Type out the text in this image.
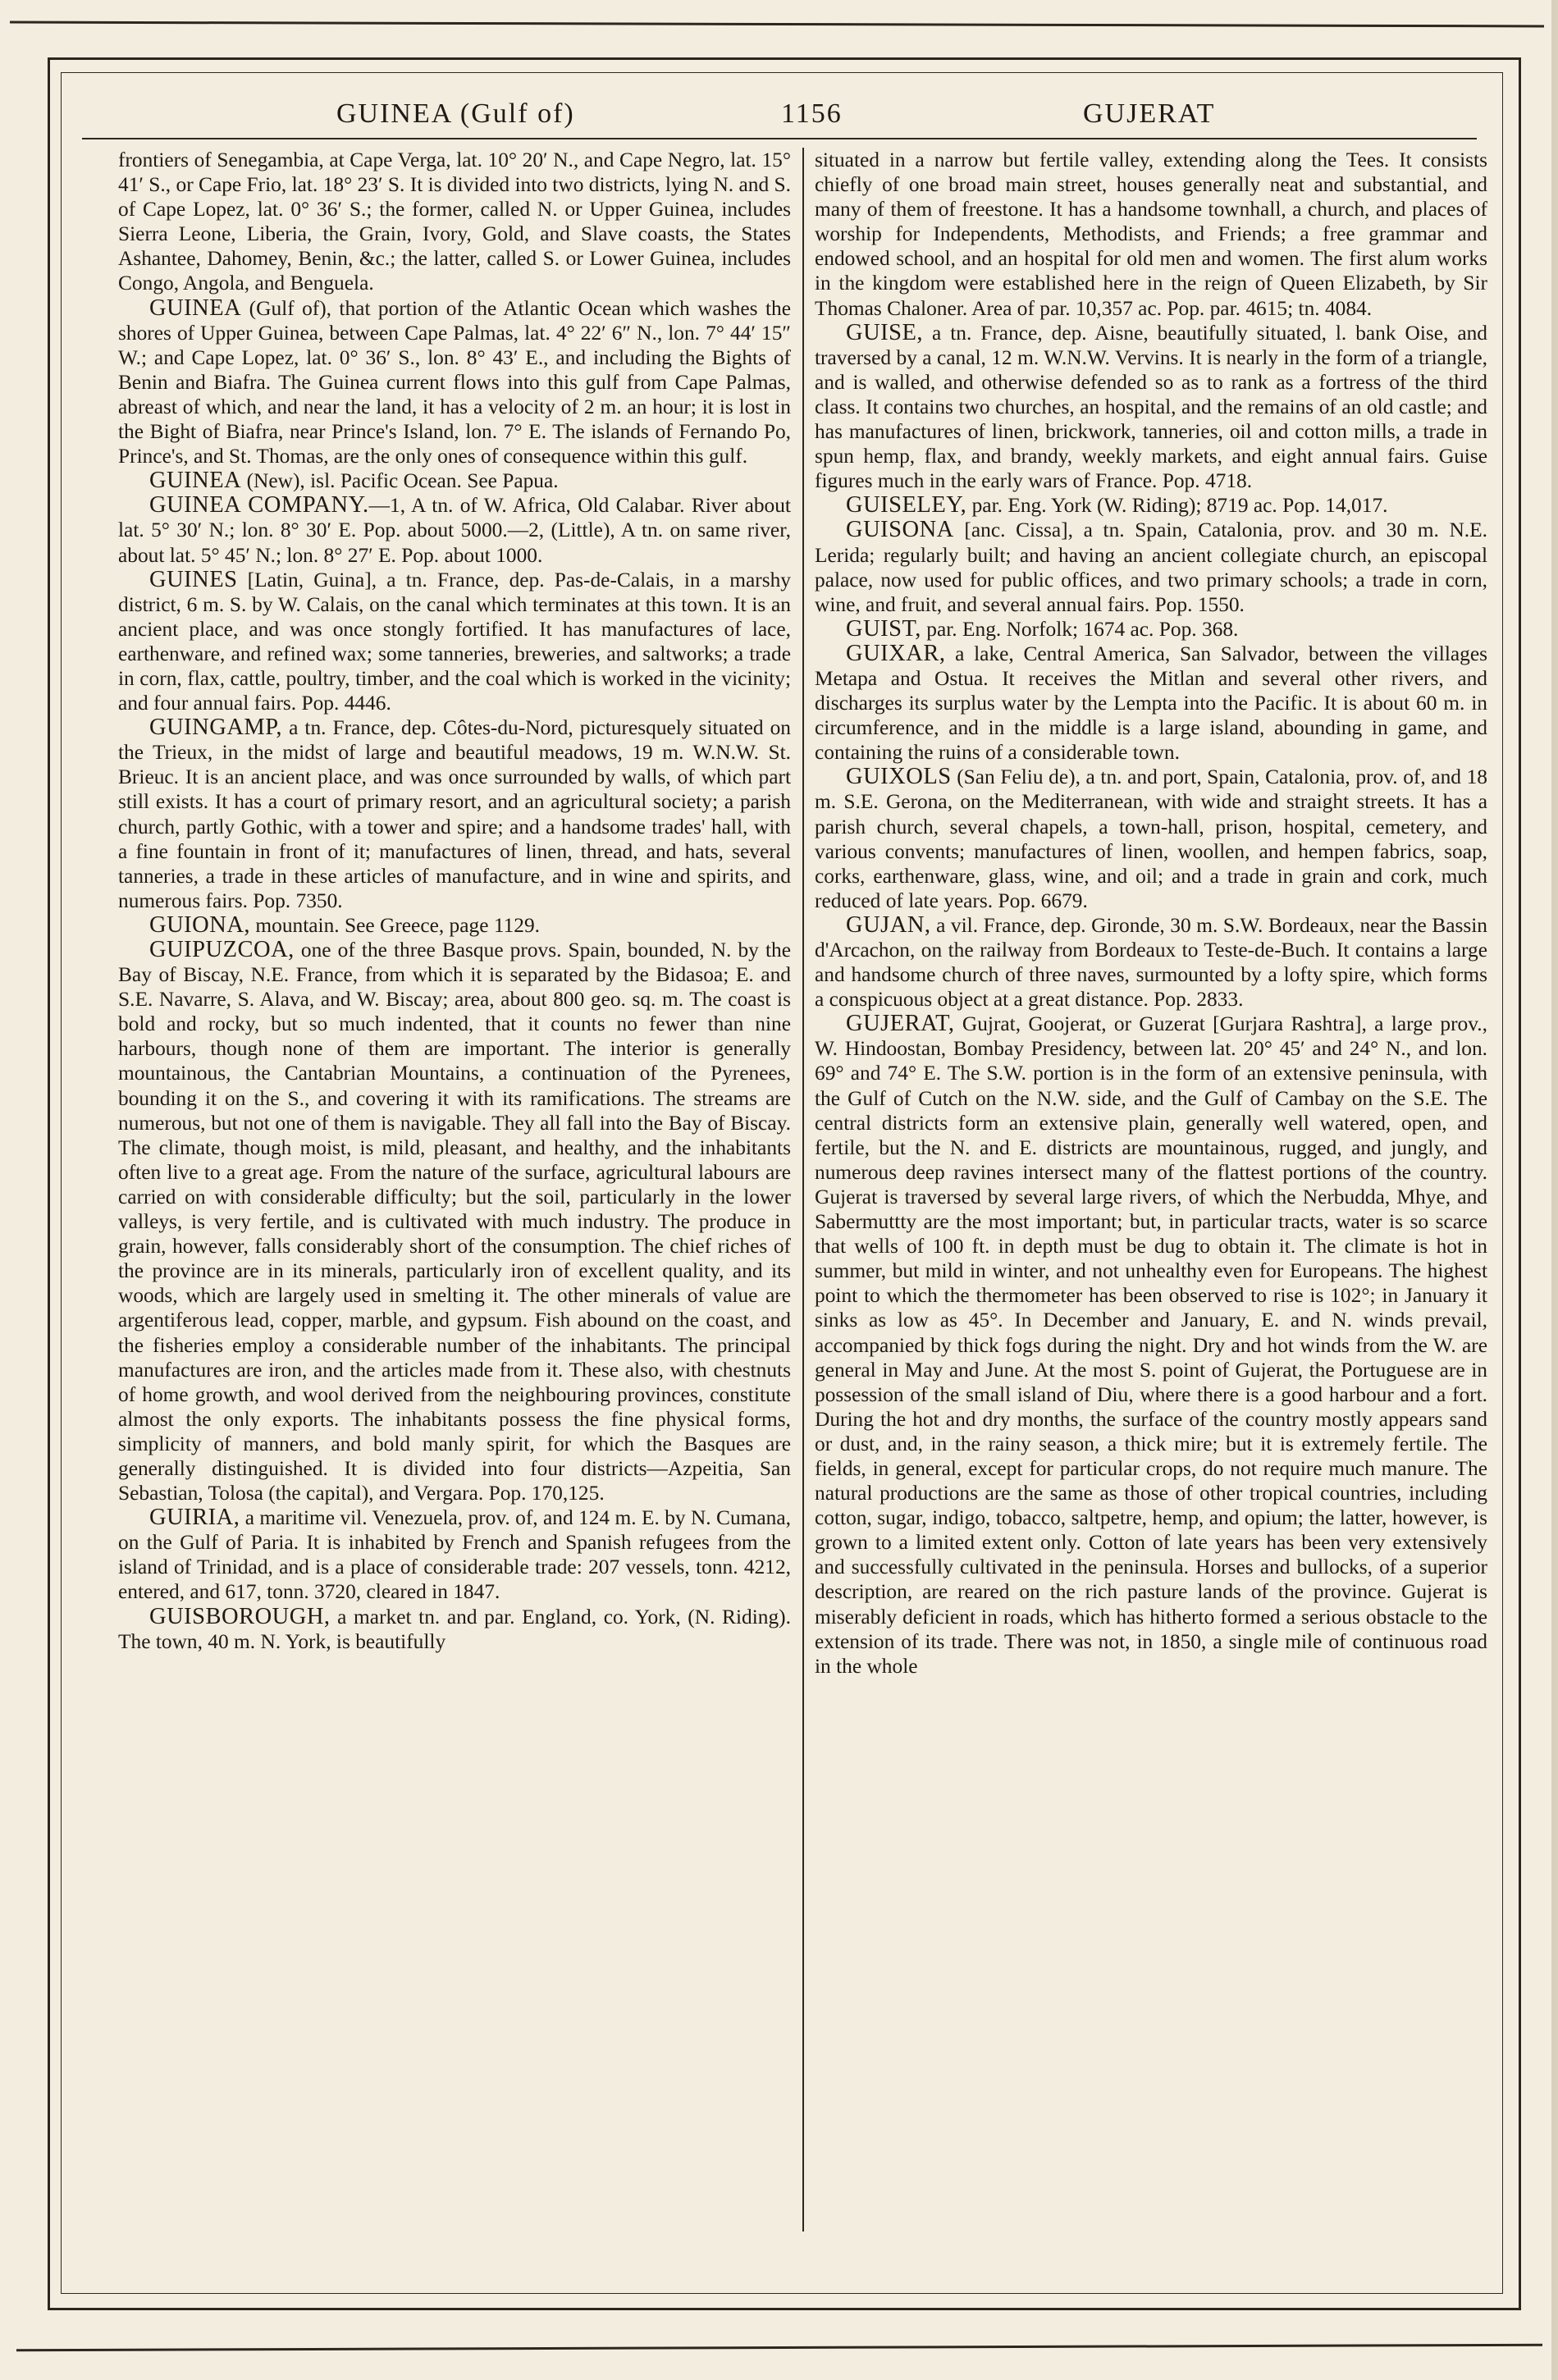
GUINEA (Gulf of)	1156	GUJERAT

frontiers of Senegambia, at Cape Verga, lat. 10° 20′ N., and Cape Negro, lat. 15° 41′ S., or Cape Frio, lat. 18° 23′ S. It is divided into two districts, lying N. and S. of Cape Lopez, lat. 0° 36′ S.; the former, called N. or Upper Guinea, includes Sierra Leone, Liberia, the Grain, Ivory, Gold, and Slave coasts, the States Ashantee, Dahomey, Benin, &c.; the latter, called S. or Lower Guinea, includes Congo, Angola, and Benguela.

GUINEA (Gulf of), that portion of the Atlantic Ocean which washes the shores of Upper Guinea, between Cape Palmas, lat. 4° 22′ 6″ N., lon. 7° 44′ 15″ W.; and Cape Lopez, lat. 0° 36′ S., lon. 8° 43′ E., and including the Bights of Benin and Biafra. The Guinea current flows into this gulf from Cape Palmas, abreast of which, and near the land, it has a velocity of 2 m. an hour; it is lost in the Bight of Biafra, near Prince's Island, lon. 7° E. The islands of Fernando Po, Prince's, and St. Thomas, are the only ones of consequence within this gulf.

GUINEA (New), isl. Pacific Ocean. See Papua.

GUINEA COMPANY.—1, A tn. of W. Africa, Old Calabar. River about lat. 5° 30′ N.; lon. 8° 30′ E. Pop. about 5000.—2, (Little), A tn. on same river, about lat. 5° 45′ N.; lon. 8° 27′ E. Pop. about 1000.

GUINES [Latin, Guina], a tn. France, dep. Pas-de-Calais, in a marshy district, 6 m. S. by W. Calais, on the canal which terminates at this town. It is an ancient place, and was once stongly fortified. It has manufactures of lace, earthenware, and refined wax; some tanneries, breweries, and saltworks; a trade in corn, flax, cattle, poultry, timber, and the coal which is worked in the vicinity; and four annual fairs. Pop. 4446.

GUINGAMP, a tn. France, dep. Côtes-du-Nord, picturesquely situated on the Trieux, in the midst of large and beautiful meadows, 19 m. W.N.W. St. Brieuc. It is an ancient place, and was once surrounded by walls, of which part still exists. It has a court of primary resort, and an agricultural society; a parish church, partly Gothic, with a tower and spire; and a handsome trades' hall, with a fine fountain in front of it; manufactures of linen, thread, and hats, several tanneries, a trade in these articles of manufacture, and in wine and spirits, and numerous fairs. Pop. 7350.

GUIONA, mountain. See Greece, page 1129.

GUIPUZCOA, one of the three Basque provs. Spain, bounded, N. by the Bay of Biscay, N.E. France, from which it is separated by the Bidasoa; E. and S.E. Navarre, S. Alava, and W. Biscay; area, about 800 geo. sq. m. The coast is bold and rocky, but so much indented, that it counts no fewer than nine harbours, though none of them are important. The interior is generally mountainous, the Cantabrian Mountains, a continuation of the Pyrenees, bounding it on the S., and covering it with its ramifications. The streams are numerous, but not one of them is navigable. They all fall into the Bay of Biscay. The climate, though moist, is mild, pleasant, and healthy, and the inhabitants often live to a great age. From the nature of the surface, agricultural labours are carried on with considerable difficulty; but the soil, particularly in the lower valleys, is very fertile, and is cultivated with much industry. The produce in grain, however, falls considerably short of the consumption. The chief riches of the province are in its minerals, particularly iron of excellent quality, and its woods, which are largely used in smelting it. The other minerals of value are argentiferous lead, copper, marble, and gypsum. Fish abound on the coast, and the fisheries employ a considerable number of the inhabitants. The principal manufactures are iron, and the articles made from it. These also, with chestnuts of home growth, and wool derived from the neighbouring provinces, constitute almost the only exports. The inhabitants possess the fine physical forms, simplicity of manners, and bold manly spirit, for which the Basques are generally distinguished. It is divided into four districts—Azpeitia, San Sebastian, Tolosa (the capital), and Vergara. Pop. 170,125.

GUIRIA, a maritime vil. Venezuela, prov. of, and 124 m. E. by N. Cumana, on the Gulf of Paria. It is inhabited by French and Spanish refugees from the island of Trinidad, and is a place of considerable trade: 207 vessels, tonn. 4212, entered, and 617, tonn. 3720, cleared in 1847.

GUISBOROUGH, a market tn. and par. England, co. York, (N. Riding). The town, 40 m. N. York, is beautifully

situated in a narrow but fertile valley, extending along the Tees. It consists chiefly of one broad main street, houses generally neat and substantial, and many of them of freestone. It has a handsome townhall, a church, and places of worship for Independents, Methodists, and Friends; a free grammar and endowed school, and an hospital for old men and women. The first alum works in the kingdom were established here in the reign of Queen Elizabeth, by Sir Thomas Chaloner. Area of par. 10,357 ac. Pop. par. 4615; tn. 4084.

GUISE, a tn. France, dep. Aisne, beautifully situated, l. bank Oise, and traversed by a canal, 12 m. W.N.W. Vervins. It is nearly in the form of a triangle, and is walled, and otherwise defended so as to rank as a fortress of the third class. It contains two churches, an hospital, and the remains of an old castle; and has manufactures of linen, brickwork, tanneries, oil and cotton mills, a trade in spun hemp, flax, and brandy, weekly markets, and eight annual fairs. Guise figures much in the early wars of France. Pop. 4718.

GUISELEY, par. Eng. York (W. Riding); 8719 ac. Pop. 14,017.

GUISONA [anc. Cissa], a tn. Spain, Catalonia, prov. and 30 m. N.E. Lerida; regularly built; and having an ancient collegiate church, an episcopal palace, now used for public offices, and two primary schools; a trade in corn, wine, and fruit, and several annual fairs. Pop. 1550.

GUIST, par. Eng. Norfolk; 1674 ac. Pop. 368.

GUIXAR, a lake, Central America, San Salvador, between the villages Metapa and Ostua. It receives the Mitlan and several other rivers, and discharges its surplus water by the Lempta into the Pacific. It is about 60 m. in circumference, and in the middle is a large island, abounding in game, and containing the ruins of a considerable town.

GUIXOLS (San Feliu de), a tn. and port, Spain, Catalonia, prov. of, and 18 m. S.E. Gerona, on the Mediterranean, with wide and straight streets. It has a parish church, several chapels, a town-hall, prison, hospital, cemetery, and various convents; manufactures of linen, woollen, and hempen fabrics, soap, corks, earthenware, glass, wine, and oil; and a trade in grain and cork, much reduced of late years. Pop. 6679.

GUJAN, a vil. France, dep. Gironde, 30 m. S.W. Bordeaux, near the Bassin d'Arcachon, on the railway from Bordeaux to Teste-de-Buch. It contains a large and handsome church of three naves, surmounted by a lofty spire, which forms a conspicuous object at a great distance. Pop. 2833.

GUJERAT, Gujrat, Goojerat, or Guzerat [Gurjara Rashtra], a large prov., W. Hindoostan, Bombay Presidency, between lat. 20° 45′ and 24° N., and lon. 69° and 74° E. The S.W. portion is in the form of an extensive peninsula, with the Gulf of Cutch on the N.W. side, and the Gulf of Cambay on the S.E. The central districts form an extensive plain, generally well watered, open, and fertile, but the N. and E. districts are mountainous, rugged, and jungly, and numerous deep ravines intersect many of the flattest portions of the country. Gujerat is traversed by several large rivers, of which the Nerbudda, Mhye, and Sabermuttty are the most important; but, in particular tracts, water is so scarce that wells of 100 ft. in depth must be dug to obtain it. The climate is hot in summer, but mild in winter, and not unhealthy even for Europeans. The highest point to which the thermometer has been observed to rise is 102°; in January it sinks as low as 45°. In December and January, E. and N. winds prevail, accompanied by thick fogs during the night. Dry and hot winds from the W. are general in May and June. At the most S. point of Gujerat, the Portuguese are in possession of the small island of Diu, where there is a good harbour and a fort. During the hot and dry months, the surface of the country mostly appears sand or dust, and, in the rainy season, a thick mire; but it is extremely fertile. The fields, in general, except for particular crops, do not require much manure. The natural productions are the same as those of other tropical countries, including cotton, sugar, indigo, tobacco, saltpetre, hemp, and opium; the latter, however, is grown to a limited extent only. Cotton of late years has been very extensively and successfully cultivated in the peninsula. Horses and bullocks, of a superior description, are reared on the rich pasture lands of the province. Gujerat is miserably deficient in roads, which has hitherto formed a serious obstacle to the extension of its trade. There was not, in 1850, a single mile of continuous road in the whole
